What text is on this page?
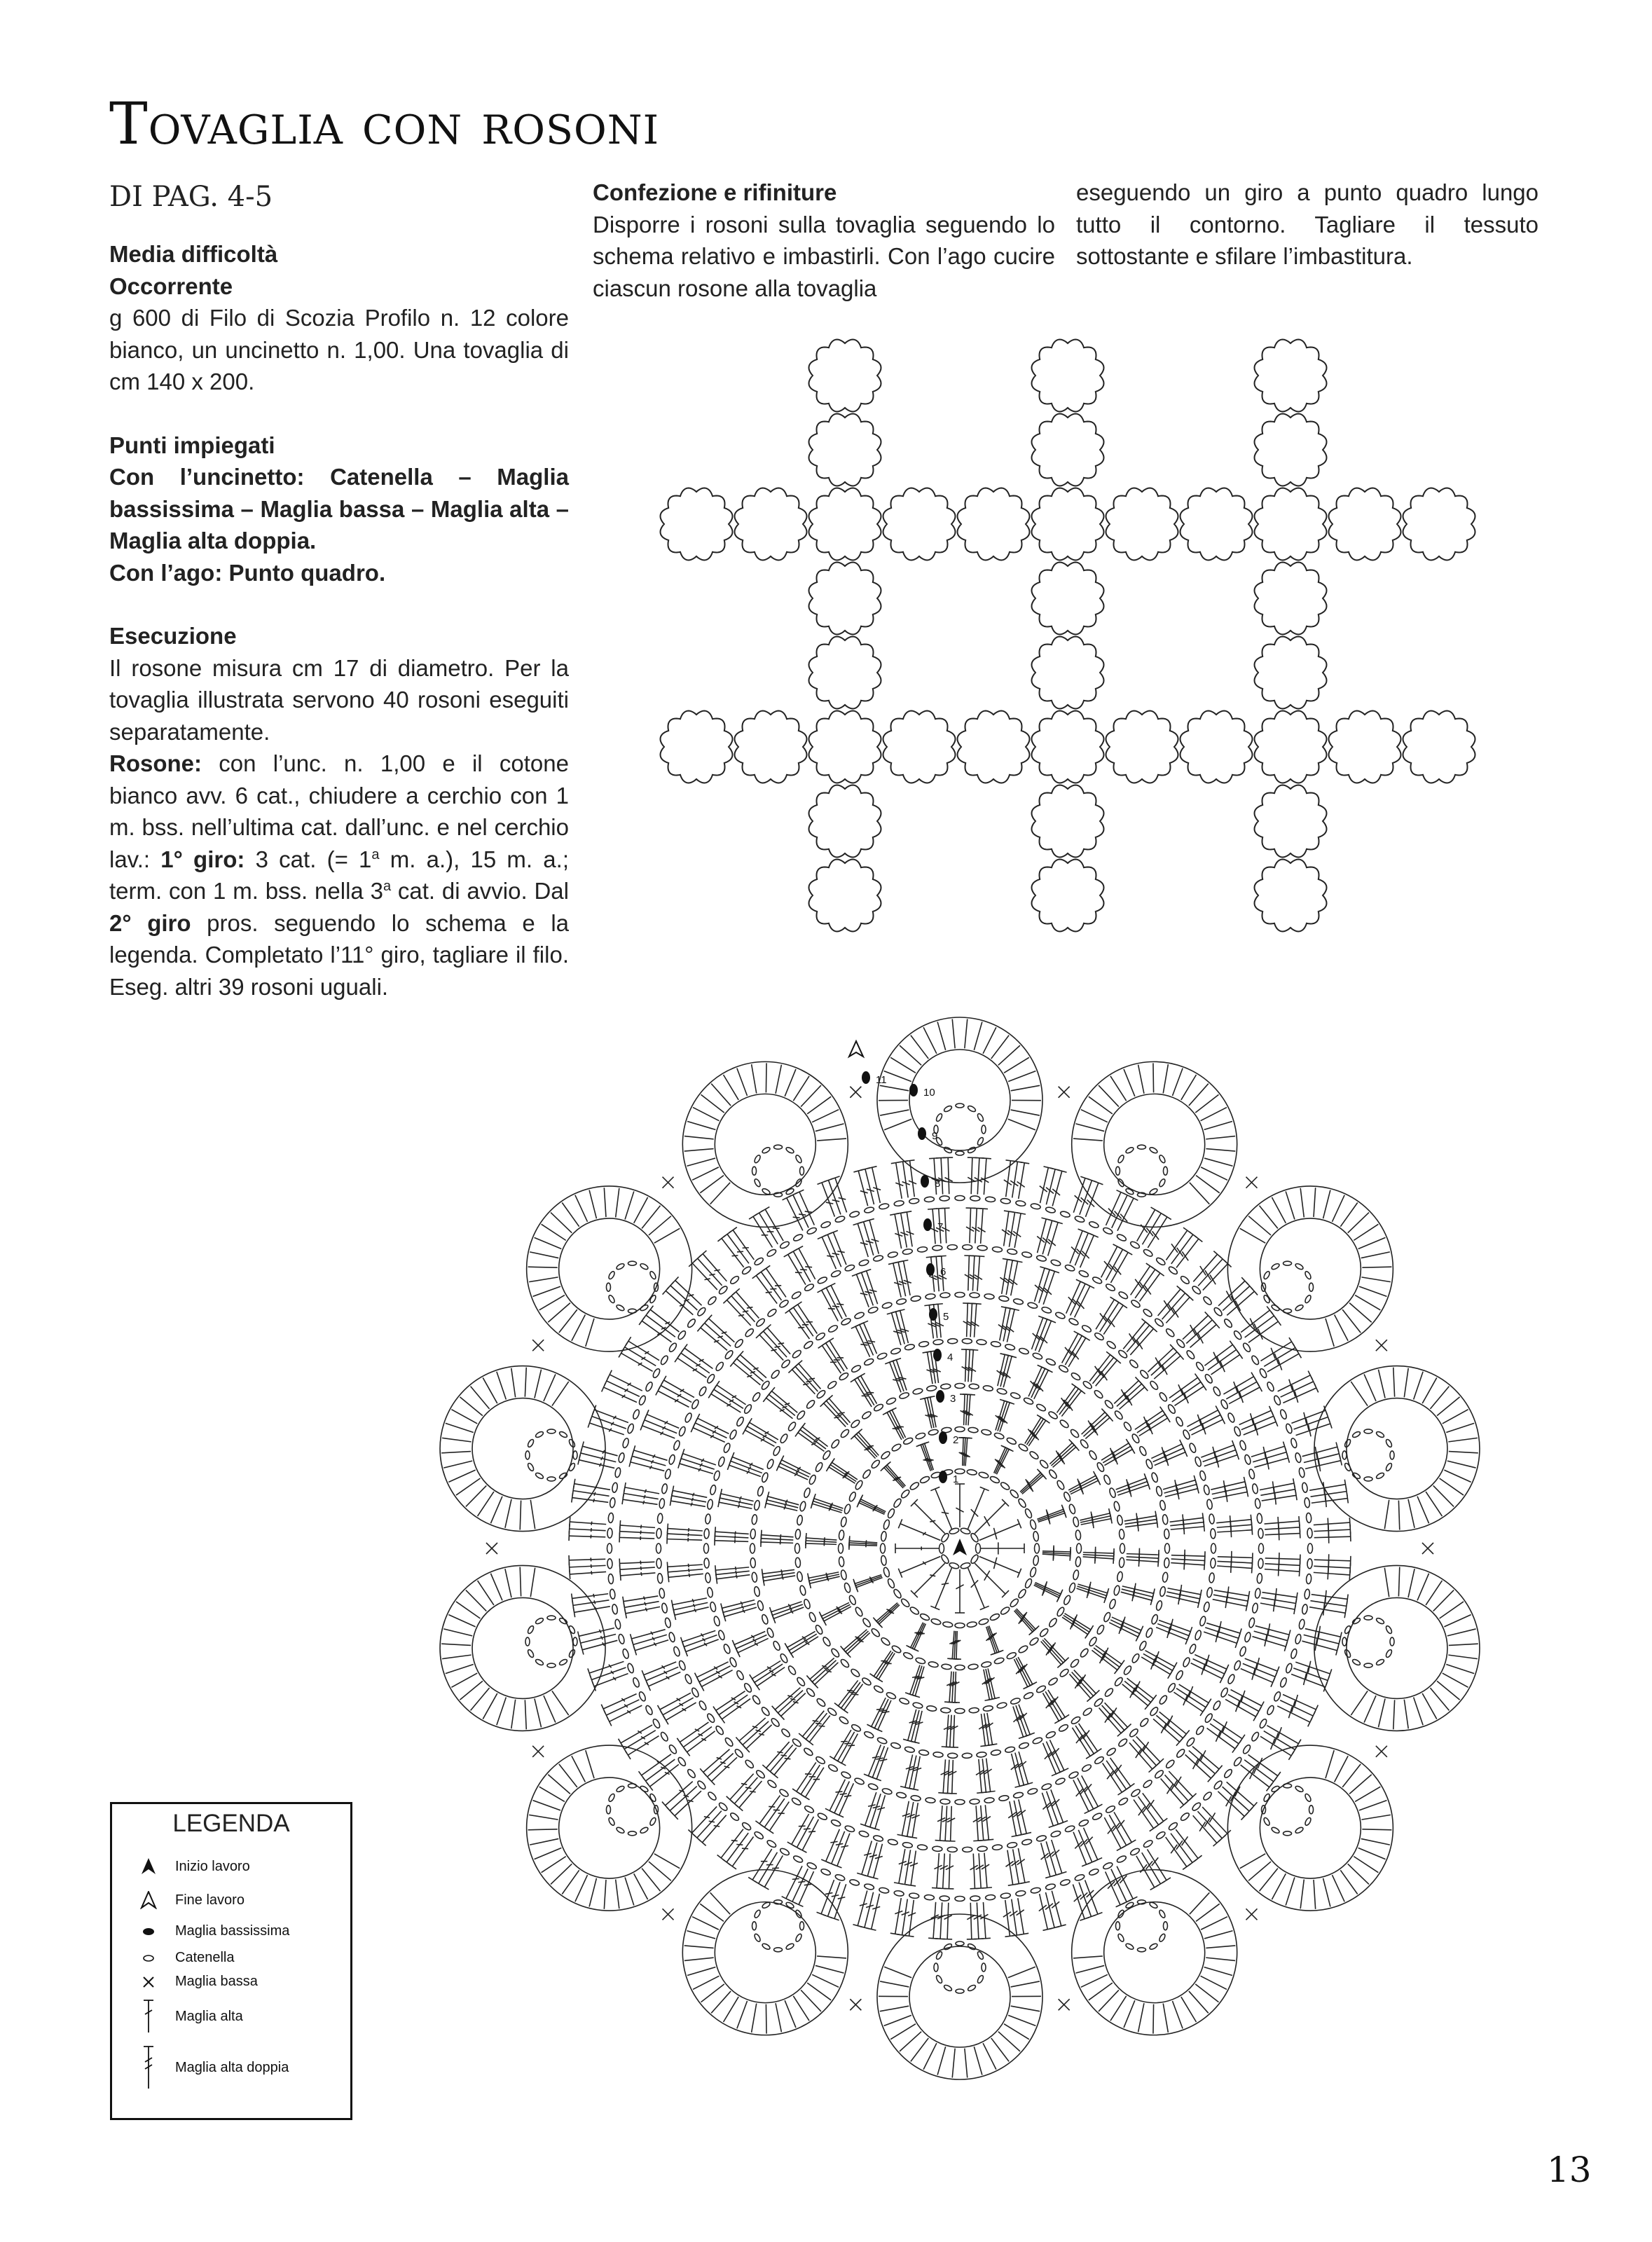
Tovaglia con rosoni
DI PAG. 4-5
Media difficoltà
Occorrente
g 600 di Filo di Scozia Profilo n. 12 colore bianco, un uncinetto n. 1,00. Una tovaglia di cm 140 x 200.
Punti impiegati
Con l’uncinetto: Catenella – Maglia bassissima – Maglia bassa – Maglia alta – Maglia alta doppia.
Con l’ago: Punto quadro.
Esecuzione
Il rosone misura cm 17 di diametro. Per la tovaglia illustrata servono 40 rosoni eseguiti separatamente.
Rosone: con l’unc. n. 1,00 e il cotone bianco avv. 6 cat., chiudere a cerchio con 1 m. bss. nell’ultima cat. dall’unc. e nel cerchio lav.: 1° giro: 3 cat. (= $1^a$ m. a.), 15 m. a.; term. con 1 m. bss. nella 3$^a$ cat. di avvio. Dal 2° giro pros. seguendo lo schema e la legenda. Completato l’11° giro, tagliare il filo. Eseg. altri 39 rosoni uguali.
Confezione e rifiniture
Disporre i rosoni sulla tovaglia seguendo lo schema relativo e imbastirli. Con l’ago cucire ciascun rosone alla tovaglia
eseguendo un giro a punto quadro lungo tutto il contorno. Tagliare il tessuto sottostante e sfilare l’imbastitura.
1
2
3
4
5
6
7
8
9
10
11
LEGENDA
Inizio lavoro
Fine lavoro
Maglia bassissima
Catenella
Maglia bassa
Maglia alta
Maglia alta doppia
13
